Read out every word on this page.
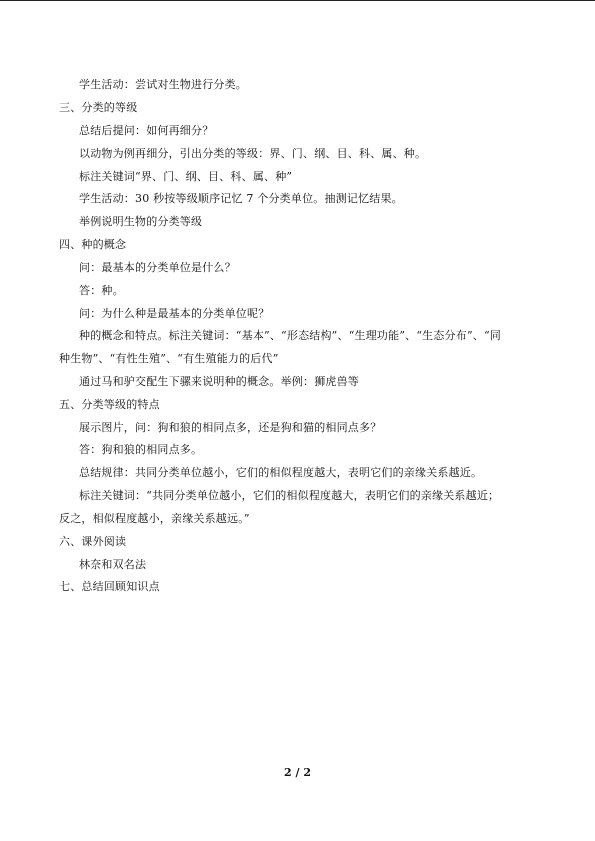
学生活动：尝试对生物进行分类。
三、分类的等级
总结后提问：如何再细分？
以动物为例再细分，引出分类的等级：界、门、纲、目、科、属、种。
标注关键词“界、门、纲、目、科、属、种”
学生活动：30 秒按等级顺序记忆 7 个分类单位。抽测记忆结果。
举例说明生物的分类等级
四、种的概念
问：最基本的分类单位是什么？
答：种。
问：为什么种是最基本的分类单位呢？
种的概念和特点。标注关键词：“基本”、“形态结构”、“生理功能”、“生态分布”、“同
种生物”、“有性生殖”、“有生殖能力的后代”
通过马和驴交配生下骡来说明种的概念。举例：狮虎兽等
五、分类等级的特点
展示图片，问：狗和狼的相同点多，还是狗和猫的相同点多？
答：狗和狼的相同点多。
总结规律：共同分类单位越小，它们的相似程度越大，表明它们的亲缘关系越近。
标注关键词：“共同分类单位越小，它们的相似程度越大，表明它们的亲缘关系越近；
反之，相似程度越小，亲缘关系越远。”
六、课外阅读
林奈和双名法
七、总结回顾知识点
2 / 2
